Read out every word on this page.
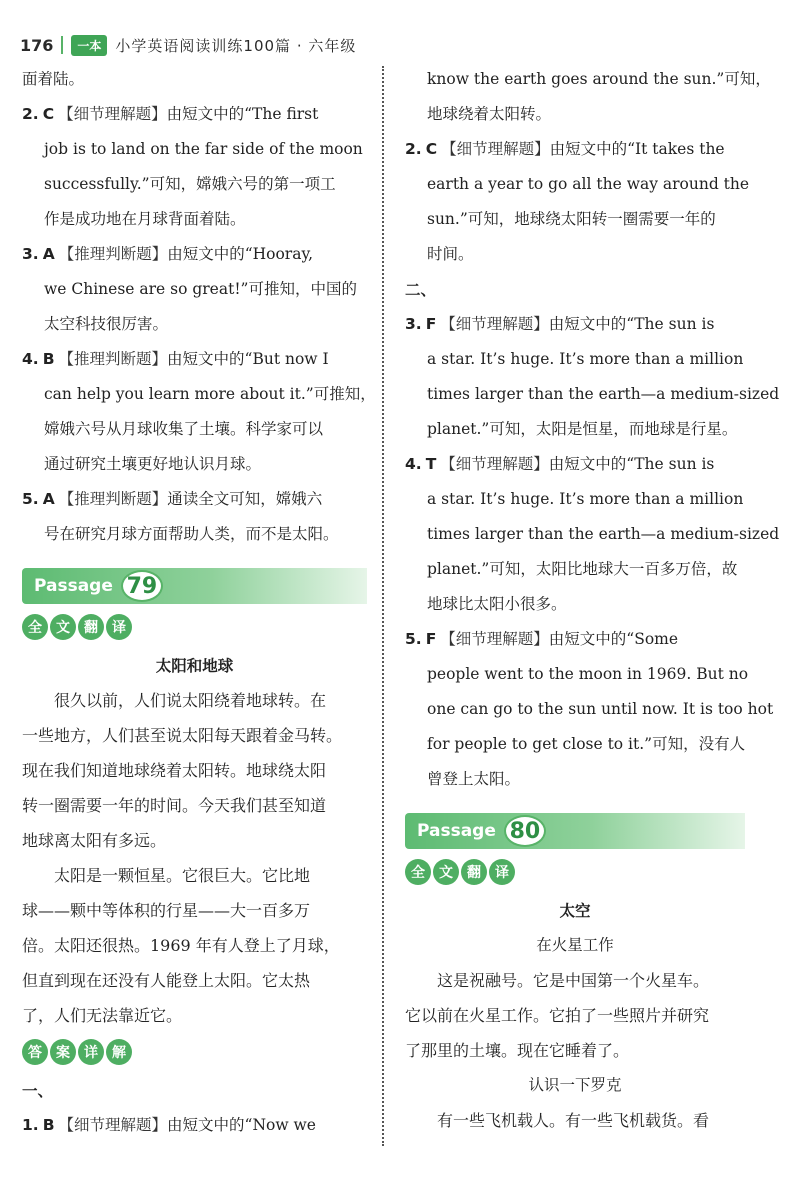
176	一本 小学英语阅读训练100篇 · 六年级
面着陆。
2. C 【细节理解题】由短文中的“The first
job is to land on the far side of the moon
successfully.”可知，嫦娥六号的第一项工
作是成功地在月球背面着陆。
3. A 【推理判断题】由短文中的“Hooray,
we Chinese are so great!”可推知，中国的
太空科技很厉害。
4. B 【推理判断题】由短文中的“But now I
can help you learn more about it.”可推知，
嫦娥六号从月球收集了土壤。科学家可以
通过研究土壤更好地认识月球。
5. A 【推理判断题】通读全文可知，嫦娥六
号在研究月球方面帮助人类，而不是太阳。
Passage 79
全	文	翻	译
太阳和地球
很久以前，人们说太阳绕着地球转。在
一些地方，人们甚至说太阳每天跟着金马转。
现在我们知道地球绕着太阳转。地球绕太阳
转一圈需要一年的时间。今天我们甚至知道
地球离太阳有多远。
太阳是一颗恒星。它很巨大。它比地
球——颗中等体积的行星——大一百多万
倍。太阳还很热。1969 年有人登上了月球，
但直到现在还没有人能登上太阳。它太热
了，人们无法靠近它。
答	案	详	解
一、
1. B 【细节理解题】由短文中的“Now we
know the earth goes around the sun.”可知，
地球绕着太阳转。
2. C 【细节理解题】由短文中的“It takes the
earth a year to go all the way around the
sun.”可知，地球绕太阳转一圈需要一年的
时间。
二、
3. F 【细节理解题】由短文中的“The sun is
a star. It’s huge. It’s more than a million
times larger than the earth—a medium-sized
planet.”可知，太阳是恒星，而地球是行星。
4. T 【细节理解题】由短文中的“The sun is
a star. It’s huge. It’s more than a million
times larger than the earth—a medium-sized
planet.”可知，太阳比地球大一百多万倍，故
地球比太阳小很多。
5. F 【细节理解题】由短文中的“Some
people went to the moon in 1969. But no
one can go to the sun until now. It is too hot
for people to get close to it.”可知，没有人
曾登上太阳。
Passage 80
全	文	翻	译
太空
在火星工作
这是祝融号。它是中国第一个火星车。
它以前在火星工作。它拍了一些照片并研究
了那里的土壤。现在它睡着了。
认识一下罗克
有一些飞机载人。有一些飞机载货。看
